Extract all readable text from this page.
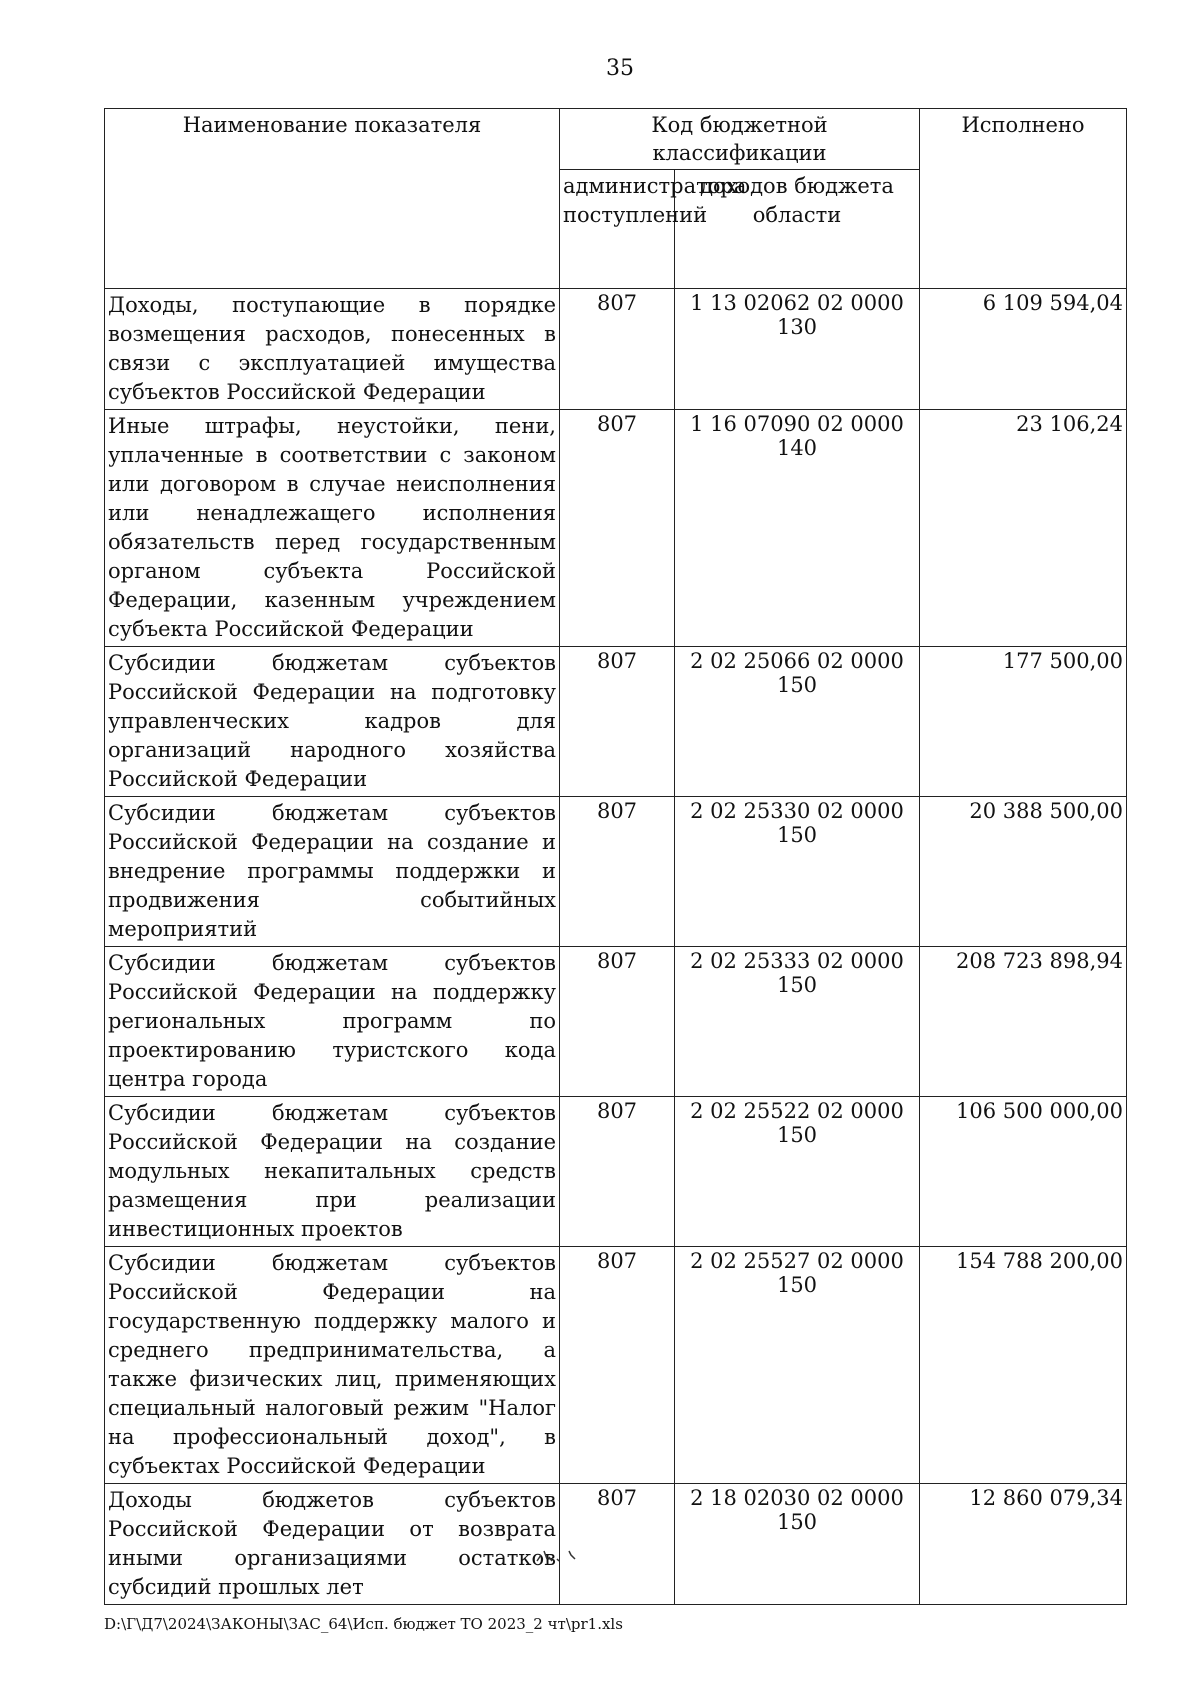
35
Наименование показателя	Код бюджетной классификации		Исполнено
	администратора поступлений	доходов бюджета области	
Доходы, поступающие в порядке возмещения расходов, понесенных в связи с эксплуатацией имущества субъектов Российской Федерации	807	1 13 02062 02 0000 130	6 109 594,04
Иные штрафы, неустойки, пени, уплаченные в соответствии с законом или договором в случае неисполнения или ненадлежащего исполнения обязательств перед государственным органом субъекта Российской Федерации, казенным учреждением субъекта Российской Федерации	807	1 16 07090 02 0000 140	23 106,24
Субсидии бюджетам субъектов Российской Федерации на подготовку управленческих кадров для организаций народного хозяйства Российской Федерации	807	2 02 25066 02 0000 150	177 500,00
Субсидии бюджетам субъектов Российской Федерации на создание и внедрение программы поддержки и продвижения событийных мероприятий	807	2 02 25330 02 0000 150	20 388 500,00
Субсидии бюджетам субъектов Российской Федерации на поддержку региональных программ по проектированию туристского кода центра города	807	2 02 25333 02 0000 150	208 723 898,94
Субсидии бюджетам субъектов Российской Федерации на создание модульных некапитальных средств размещения при реализации инвестиционных проектов	807	2 02 25522 02 0000 150	106 500 000,00
Субсидии бюджетам субъектов Российской Федерации на государственную поддержку малого и среднего предпринимательства, а также физических лиц, применяющих специальный налоговый режим "Налог на профессиональный доход", в субъектах Российской Федерации	807	2 02 25527 02 0000 150	154 788 200,00
Доходы бюджетов субъектов Российской Федерации от возврата иными организациями остатков субсидий прошлых лет	807	2 18 02030 02 0000 150	12 860 079,34
D:\Г\Д7\2024\ЗАКОНЫ\ЗАС_64\Исп. бюджет ТО 2023_2 чт\pr1.xls
